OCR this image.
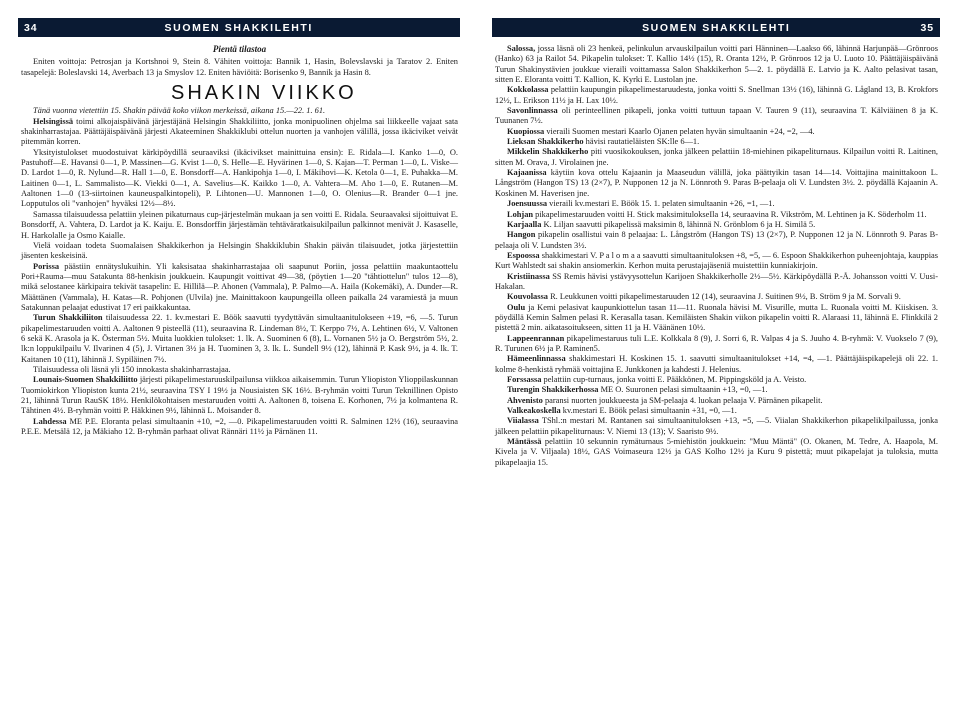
34	SUOMEN SHAKKILEHTI
Pientä tilastoa

Eniten voittoja: Petrosjan ja Kortshnoi 9, Stein 8. Vähiten voittoja: Bannik 1, Hasin, Bolevslavski ja Taratov 2. Eniten tasapelejä: Boleslavski 14, Averbach 13 ja Smyslov 12. Eniten häviöitä: Borisenko 9, Bannik ja Hasin 8.

SHAKIN VIIKKO

Tänä vuonna vietettiin 15. Shakin päivää koko viikon merkeissä, aikana 15.—22. 1. 61.

Helsingissä toimi alkojaispäivänä järjestäjänä Helsingin Shakkiliitto, jonka monipuolinen ohjelma sai liikkeelle vajaat sata shakinharrastajaa. Päättäjäispäivänä järjesti Akateeminen Shakkiklubi ottelun nuorten ja vanhojen välillä, jossa ikäciviket veivät pitemmän korren.

Yksityistulokset muodostuivat kärkipöydillä seuraaviksi (ikäcivikset mainittuina ensin): E. Ridala—I. Kanko 1—0, O. Pastuhoff—E. Havansi 0—1, P. Massinen—G. Kvist 1—0, S. Helle—E. Hyvärinen 1—0, S. Kajan—T. Perman 1—0, L. Viske—D. Lardot 1—0, R. Nylund—R. Hall 1—0, E. Bonsdorff—A. Hankipohja 1—0, I. Mäkihovi—K. Ketola 0—1, E. Puhakka—M. Laitinen 0—1, L. Sammalisto—K. Viekki 0—1, A. Savelius—K. Kaikko 1—0, A. Vahtera—M. Aho 1—0, E. Rutanen—M. Aaltonen 1—0 (13-siirtoinen kauneuspalkintopeli), P. Lihtonen—U. Mannonen 1—0, O. Olenius—R. Brander 0—1 jne. Lopputulos oli "vanhojen" hyväksi 12½—8½.

Samassa tilaisuudessa pelattiin yleinen pikaturnaus cup-järjestelmän mukaan ja sen voitti E. Ridala. Seuraavaksi sijoittuivat E. Bonsdorff, A. Vahtera, D. Lardot ja K. Kaiju. E. Bonsdorffin järjestämän tehtäväratkaisukilpailun palkinnot menivät J. Kasaselle, H. Harkolalle ja Osmo Kaialle.

Vielä voidaan todeta Suomalaisen Shakkikerhon ja Helsingin Shakkiklubin Shakin päivän tilaisuudet, jotka järjestettiin jäsenten keskeisinä.

Porissa päästiin ennätyslukuihin. Yli kaksisataa shakinharrastajaa oli saapunut Poriin, jossa pelattiin maakuntaottelu Pori+Rauma—muu Satakunta 88-henkisin joukkuein. Kaupungit voittivat 49—38, (pöytien 1—20 "tähtiottelun" tulos 12—8), mikä selostanee kärkipaira tekivät tasapelin: E. Hillilä—P. Ahonen (Vammala), P. Palmo—A. Haila (Kokemäki), A. Dunder—R. Määttänen (Vammala), H. Katas—R. Pohjonen (Ulvila) jne. Mainittakoon kaupungeilla olleen paikalla 24 varamiestä ja muun Satakunnan pelaajat edustivat 17 eri paikkakuntaa.

Turun Shakkiliiton tilaisuudessa 22. 1. kv.mestari E. Böök saavutti tyydyttävän simultaanitulokseen +19, =6, —5. Turun pikapelimestaruuden voitti A. Aaltonen 9 pisteellä (11), seuraavina R. Lindeman 8½, T. Kerppo 7½, A. Lehtinen 6½, V. Valtonen 6 sekä K. Arasola ja K. Österman 5½. Muita luokkien tulokset: 1. lk. A. Suominen 6 (8), L. Vornanen 5½ ja O. Bergström 5½, 2. lk:n loppukilpailu V. Ilvarinen 4 (5), J. Virtanen 3½ ja H. Tuominen 3, 3. lk. L. Sundell 9½ (12), lähinnä P. Kask 9½, ja 4. lk. T. Kaitanen 10 (11), lähinnä J. Sypiläinen 7½.

Tilaisuudessa oli läsnä yli 150 innokasta shakinharrastajaa.

Lounais-Suomen Shakkiliitto järjesti pikapelimestaruuskilpailunsa viikkoa aikaisemmin. Turun Yliopiston Ylioppilaskunnan Tuomiokirkon Yliopiston kunta 21½, seuraavina TSY I 19½ ja Nousiaisten SK 16½. B-ryhmän voitti Turun Teknillinen Opisto 21, lähinnä Turun RauSK 18½. Henkilökohtaisen mestaruuden voitti A. Aaltonen 8, toisena E. Korhonen, 7½ ja kolmantena R. Tähtinen 4½. B-ryhmän voitti P. Häkkinen 9½, lähinnä L. Moisander 8.

Lahdessa ME P.E. Eloranta pelasi simultaanin +10, =2, —0. Pikapelimestaruuden voitti R. Salminen 12½ (16), seuraavina P.E.E. Metsälä 12, ja Mäkiaho 12. B-ryhmän parhaat olivat Rännäri 11½ ja Pärnänen 11.

SUOMEN SHAKKILEHTI	35

Salossa, jossa läsnä oli 23 henkeä, pelinkulun arvauskilpailun voitti pari Hänninen—Laakso 66, lähinnä Harjunpää—Grönroos (Hanko) 63 ja Railot 54. Pikapelin tulokset: T. Kallio 14½ (15), R. Oranta 12½, P. Grönroos 12 ja U. Luoto 10. Päättäjäispäivänä Turun Shakinystävien joukkue vieraili voittamassa Salon Shakkikerhon 5—2. 1. pöydällä E. Latvio ja K. Aalto pelasivat tasan, sitten E. Eloranta voitti T. Kallion, K. Kyrki E. Lustolan jne.

Kokkolassa pelattiin kaupungin pikapelimestaruudesta, jonka voitti S. Snellman 13½ (16), lähinnä G. Lågland 13, B. Krokfors 12½, L. Erikson 11½ ja H. Lax 10½.

Savonlinnassa oli perinteellinen pikapeli, jonka voitti tuttuun tapaan V. Tauren 9 (11), seuraavina T. Kälviäinen 8 ja K. Tuunanen 7½.

Kuopiossa vieraili Suomen mestari Kaarlo Ojanen pelaten hyvän simultaanin +24, =2, —4.

Lieksan Shakkikerho hävisi rautatieläisten SK:lle 6—1.

Mikkelin Shakkikerho piti vuosikokouksen, jonka jälkeen pelattiin 18-miehinen pikapeliturnaus. Kilpailun voitti R. Laitinen, sitten M. Orava, J. Virolainen jne.

Kajaanissa käytiin kova ottelu Kajaanin ja Maaseudun välillä, joka päättyikin tasan 14—14. Voittajina mainittakoon L. Långström (Hangon TS) 13 (2×7), P. Nupponen 12 ja N. Lönnroth 9. Paras B-pelaaja oli V. Lundsten 3½. 2. pöydällä Kajaanin A. Koskinen M. Haverisen jne.

Joensuussa vieraili kv.mestari E. Böök 15. 1. pelaten simultaanin +26, =1, —1.

Lohjan pikapelimestaruuden voitti H. Stick maksimitulokseIla 14, seuraavina R. Vikström, M. Lehtinen ja K. Söderholm 11.

Karjaalla K. Liljan saavutti pikapelissä maksimin 8, lähinnä N. Grönblom 6 ja H. Similä 5.

Hangon pikapelin osallistui vain 8 pelaajaa: L. Långström (Hangon TS) 13 (2×7), P. Nupponen 12 ja N. Lönnroth 9. Paras B-pelaaja oli V. Lundsten 3½.

Espoossa shakkimestari V. P a l o m a a saavutti simultaanituloksen +8, =5, — 6. Espoon Shakkikerhon puheenjohtaja, kauppias Kurt Wahlstedt sai shakin ansiomerkin. Kerhon muita perustajajäseniä muistettiin kunniakirjoin.

Kristiinassa SS Remis hävisi ystävyysottelun Karijoen Shakkikerholle 2½—5½. Kärkipöydällä P.-Å. Johansson voitti V. Uusi-Hakalan.

Kouvolassa R. Leukkunen voitti pikapelimestaruuden 12 (14), seuraavina J. Suitinen 9½, B. Ström 9 ja M. Sorvali 9.

Oulu ja Kemi pelasivat kaupunkiottelun tasan 11—11. Ruonala hävisi M. Visurille, mutta L. Ruonala voitti M. Kiiskisen. 3. pöydällä Kemin Salmen pelasi R. Kerasalla tasan. Kemiläisten Shakin viikon pikapelin voitti R. Alaraasi 11, lähinnä E. Flinkkilä 2 pistettä 2 min. aikatasoitukseen, sitten 11 ja H. Väänänen 10½.

Lappeenrannan pikapelimestaruus tuli L.E. Kolkkala 8 (9), J. Sorri 6, R. Valpas 4 ja S. Juuho 4. B-ryhmä: V. Vuokselo 7 (9), R. Turunen 6½ ja P. Raminen5.

Hämeenlinnassa shakkimestari H. Koskinen 15. 1. saavutti simultaanitulokset +14, =4, —1. Päättäjäispikapelejä oli 22. 1. kolme 8-henkistä ryhmää voittajina E. Junkkonen ja kahdesti J. Helenius.

Forssassa pelattiin cup-turnaus, jonka voitti E. Pääkkönen, M. Pippingsköld ja A. Veisto.

Turengin Shakkikerhossa ME O. Suuronen pelasi simultaanin +13, =0, —1.

Ahvenisto paransi nuorten joukkueesta ja SM-pelaaja 4. luokan pelaaja V. Pärnänen pikapelit.

Valkeakoskella kv.mestari E. Böök pelasi simultaanin +31, =0, —1.

Viialassa TShl.:n mestari M. Rantanen sai simultaanituloksen +13, =5, —5. Viialan Shakkikerhon pikapelikilpailussa, jonka jälkeen pelattiin pikapeliturnaus: V. Niemi 13 (13); V. Saaristo 9½.

Mäntässä pelattiin 10 sekunnin rymäturnaus 5-miehistön joukkuein: "Muu Mäntä" (O. Okanen, M. Tedre, A. Haapola, M. Kivela ja V. Viljaala) 18½, GAS Voimaseura 12½ ja GAS Kolho 12½ ja Kuru 9 pistettä; muut pikapelajat ja tuloksia, mutta pikapelaajia 15.
